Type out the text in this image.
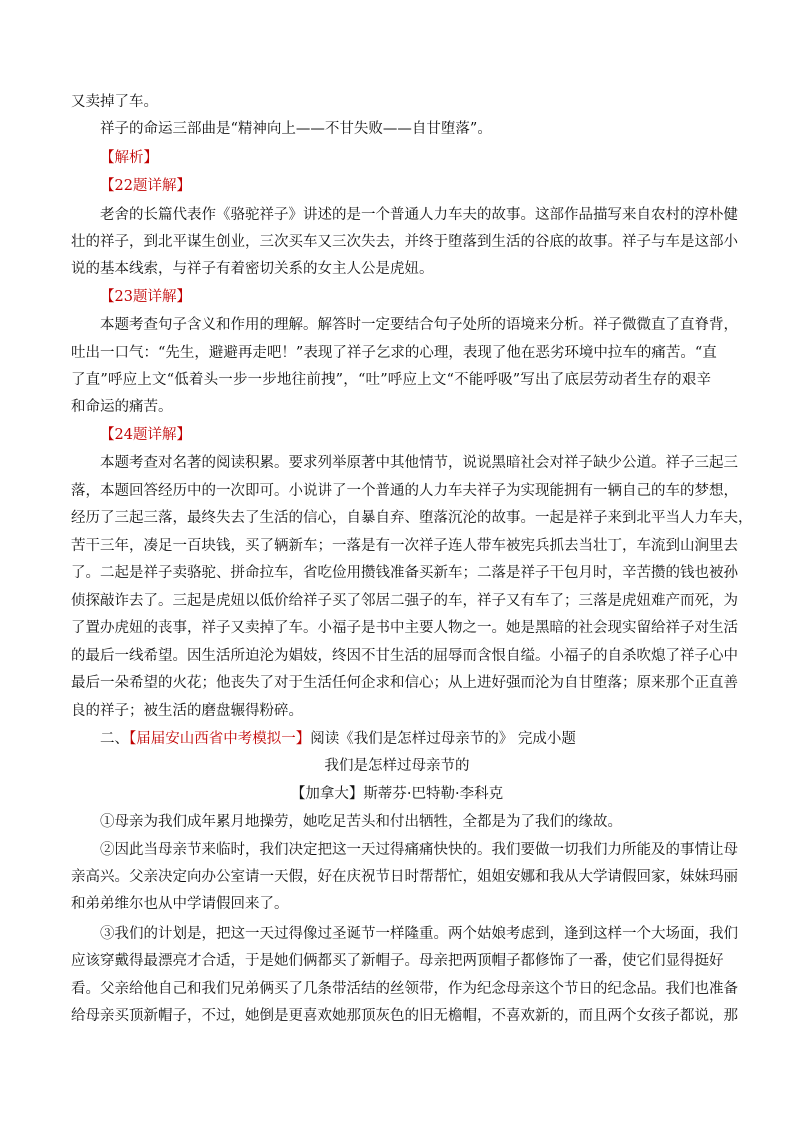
又卖掉了车。
祥子的命运三部曲是“精神向上——不甘失败——自甘堕落”。
【解析】
【22题详解】
老舍的长篇代表作《骆驼祥子》讲述的是一个普通人力车夫的故事。这部作品描写来自农村的淳朴健
壮的祥子，到北平谋生创业，三次买车又三次失去，并终于堕落到生活的谷底的故事。祥子与车是这部小
说的基本线索，与祥子有着密切关系的女主人公是虎妞。
【23题详解】
本题考查句子含义和作用的理解。解答时一定要结合句子处所的语境来分析。祥子微微直了直脊背，
吐出一口气：“先生，避避再走吧！”表现了祥子乞求的心理，表现了他在恶劣环境中拉车的痛苦。“直
了直”呼应上文“低着头一步一步地往前拽”，“吐”呼应上文“不能呼吸”写出了底层劳动者生存的艰辛
和命运的痛苦。
【24题详解】
本题考查对名著的阅读积累。要求列举原著中其他情节，说说黑暗社会对祥子缺少公道。祥子三起三
落，本题回答经历中的一次即可。小说讲了一个普通的人力车夫祥子为实现能拥有一辆自己的车的梦想，
经历了三起三落，最终失去了生活的信心，自暴自弃、堕落沉沦的故事。一起是祥子来到北平当人力车夫，
苦干三年，凑足一百块钱，买了辆新车；一落是有一次祥子连人带车被宪兵抓去当壮丁，车流到山涧里去
了。二起是祥子卖骆驼、拼命拉车，省吃俭用攒钱准备买新车；二落是祥子干包月时，辛苦攒的钱也被孙
侦探敲诈去了。三起是虎妞以低价给祥子买了邻居二强子的车，祥子又有车了；三落是虎妞难产而死，为
了置办虎妞的丧事，祥子又卖掉了车。小福子是书中主要人物之一。她是黑暗的社会现实留给祥子对生活
的最后一线希望。因生活所迫沦为娼妓，终因不甘生活的屈辱而含恨自缢。小福子的自杀吹熄了祥子心中
最后一朵希望的火花；他丧失了对于生活任何企求和信心；从上进好强而沦为自甘堕落；原来那个正直善
良的祥子；被生活的磨盘辗得粉碎。
二、【届届安山西省中考模拟一】阅读《我们是怎样过母亲节的》 完成小题
我们是怎样过母亲节的
【加拿大】斯蒂芬·巴特勒·李科克
①母亲为我们成年累月地操劳，她吃足苦头和付出牺牲，全都是为了我们的缘故。
②因此当母亲节来临时，我们决定把这一天过得痛痛快快的。我们要做一切我们力所能及的事情让母
亲高兴。父亲决定向办公室请一天假，好在庆祝节日时帮帮忙，姐姐安娜和我从大学请假回家，妹妹玛丽
和弟弟维尔也从中学请假回来了。
③我们的计划是，把这一天过得像过圣诞节一样隆重。两个姑娘考虑到，逢到这样一个大场面，我们
应该穿戴得最漂亮才合适，于是她们俩都买了新帽子。母亲把两顶帽子都修饰了一番，使它们显得挺好
看。父亲给他自己和我们兄弟俩买了几条带活结的丝领带，作为纪念母亲这个节日的纪念品。我们也准备
给母亲买顶新帽子，不过，她倒是更喜欢她那顶灰色的旧无檐帽，不喜欢新的，而且两个女孩子都说，那
